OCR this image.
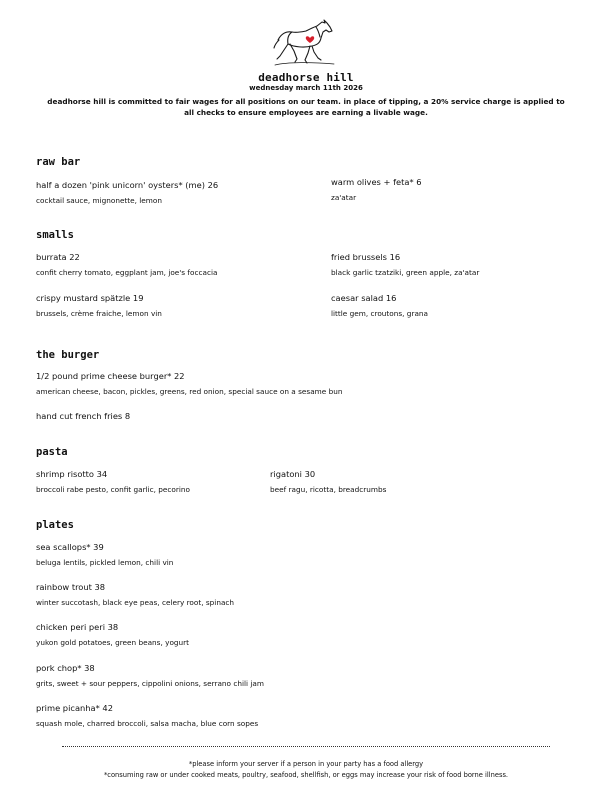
deadhorse hill
wednesday march 11th 2026
deadhorse hill is committed to fair wages for all positions on our team. in place of tipping, a 20% service charge is applied to
all checks to ensure employees are earning a livable wage.
raw bar
half a dozen 'pink unicorn' oysters* (me) 26
cocktail sauce, mignonette, lemon
warm olives + feta* 6
za'atar
smalls
burrata 22
confit cherry tomato, eggplant jam, joe's foccacia
fried brussels 16
black garlic tzatziki, green apple, za'atar
crispy mustard spätzle 19
brussels, crème fraiche, lemon vin
caesar salad 16
little gem, croutons, grana
the burger
1/2 pound prime cheese burger* 22
american cheese, bacon, pickles, greens, red onion, special sauce on a sesame bun
hand cut french fries 8
pasta
shrimp risotto 34
broccoli rabe pesto, confit garlic, pecorino
rigatoni 30
beef ragu, ricotta, breadcrumbs
plates
sea scallops* 39
beluga lentils, pickled lemon, chili vin
rainbow trout 38
winter succotash, black eye peas, celery root, spinach
chicken peri peri 38
yukon gold potatoes, green beans, yogurt
pork chop* 38
grits, sweet + sour peppers, cippolini onions, serrano chili jam
prime picanha* 42
squash mole, charred broccoli, salsa macha, blue corn sopes
*please inform your server if a person in your party has a food allergy
*consuming raw or under cooked meats, poultry, seafood, shellfish, or eggs may increase your risk of food borne illness.
